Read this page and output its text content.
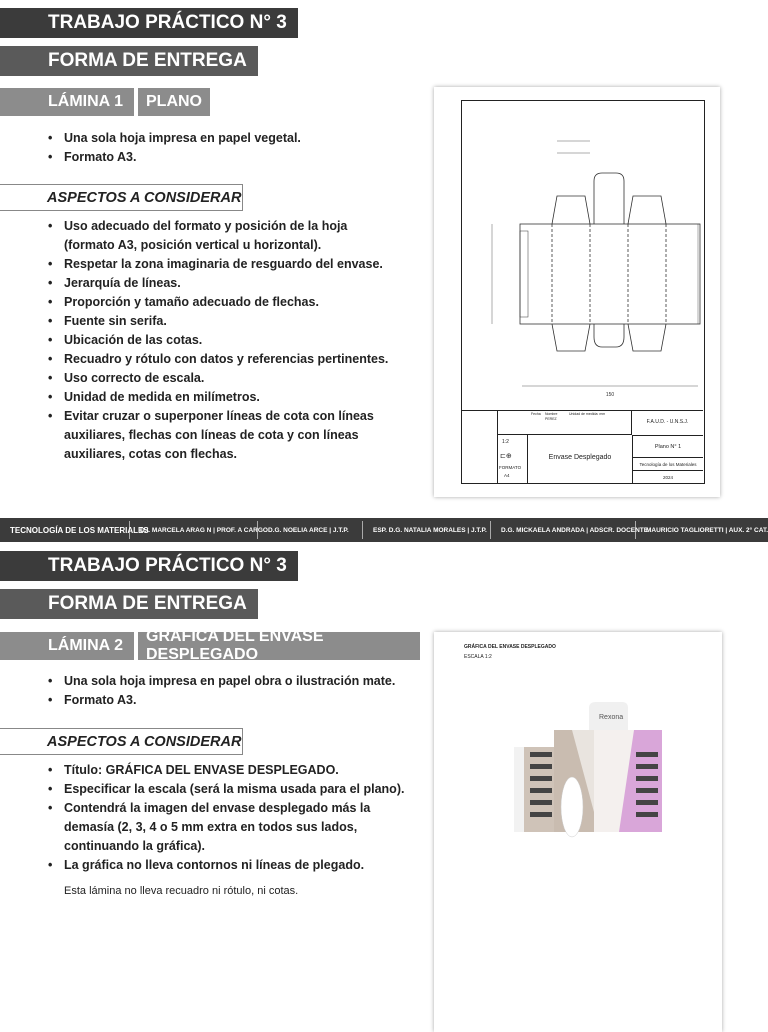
TRABAJO PRÁCTICO N° 3
FORMA DE ENTREGA
LÁMINA 1	PLANO
• Una sola hoja impresa en papel vegetal.
• Formato A3.
ASPECTOS A CONSIDERAR
• Uso adecuado del formato y posición de la hoja (formato A3, posición vertical u horizontal).
• Respetar la zona imaginaria de resguardo del envase.
• Jerarquía de líneas.
• Proporción y tamaño adecuado de flechas.
• Fuente sin serifa.
• Ubicación de las cotas.
• Recuadro y rótulo con datos y referencias pertinentes.
• Uso correcto de escala.
• Unidad de medida en milímetros.
• Evitar cruzar o superponer líneas de cota con líneas auxiliares, flechas con líneas de cota y con líneas auxiliares, cotas con flechas.
150
Fecha Nombre
PEREZ
Unidad de medida: mm
F.A.U.D. - U.N.S.J.
1:2
⊏⊕
FORMATO
A4
Envase Desplegado
Plano N° 1
Tecnología de los Materiales
2024
TECNOLOGÍA DE LOS MATERIALES
D.I. MARCELA ARAG N | PROF. A CARGO D.G. NOELIA ARCE | J.T.P.	ESP. D.G. NATALIA MORALES | J.T.P.	D.G. MICKAELA ANDRADA | ADSCR. DOCENTE
MAURICIO TAGLIORETTI | AUX. 2° CAT.
TRABAJO PRÁCTICO N° 3
FORMA DE ENTREGA
LÁMINA 2
GRÁFICA DEL ENVASE DESPLEGADO
• Una sola hoja impresa en papel obra o ilustración mate.
• Formato A3.
ASPECTOS A CONSIDERAR
• Título: GRÁFICA DEL ENVASE DESPLEGADO.
• Especificar la escala (será la misma usada para el plano).
• Contendrá la imagen del envase desplegado más la demasía (2, 3, 4 o 5 mm extra en todos sus lados, continuando la gráfica).
• La gráfica no lleva contornos ni líneas de plegado.
Esta lámina no lleva recuadro ni rótulo, ni cotas.
GRÁFICA DEL ENVASE DESPLEGADO
ESCALA 1:2
Rexona
